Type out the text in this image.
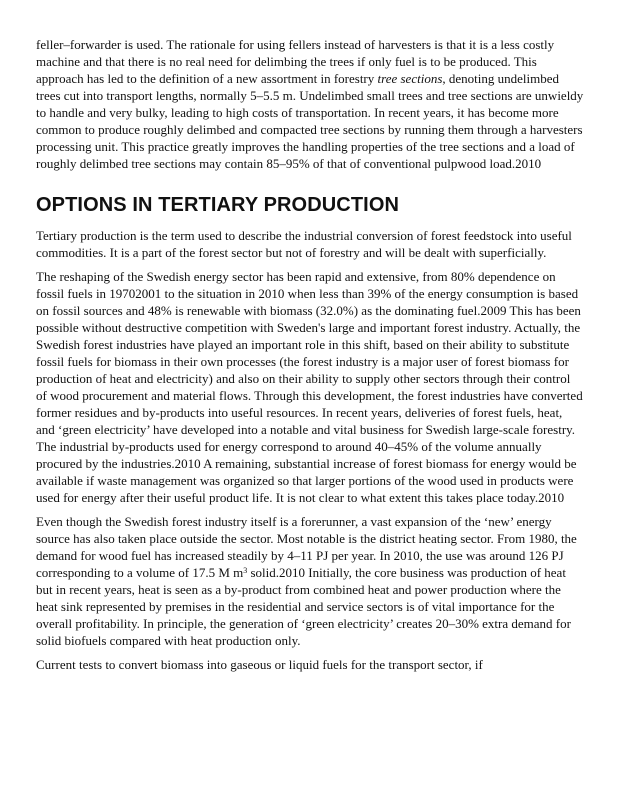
feller–forwarder is used. The rationale for using fellers instead of harvesters is that it is a less costly machine and that there is no real need for delimbing the trees if only fuel is to be produced. This approach has led to the definition of a new assortment in forestry tree sections, denoting undelimbed trees cut into transport lengths, normally 5–5.5 m. Undelimbed small trees and tree sections are unwieldy to handle and very bulky, leading to high costs of transportation. In recent years, it has become more common to produce roughly delimbed and compacted tree sections by running them through a harvesters processing unit. This practice greatly improves the handling properties of the tree sections and a load of roughly delimbed tree sections may contain 85–95% of that of conventional pulpwood load.2010

OPTIONS IN TERTIARY PRODUCTION

Tertiary production is the term used to describe the industrial conversion of forest feedstock into useful commodities. It is a part of the forest sector but not of forestry and will be dealt with superficially.

The reshaping of the Swedish energy sector has been rapid and extensive, from 80% dependence on fossil fuels in 19702001 to the situation in 2010 when less than 39% of the energy consumption is based on fossil sources and 48% is renewable with biomass (32.0%) as the dominating fuel.2009 This has been possible without destructive competition with Sweden's large and important forest industry. Actually, the Swedish forest industries have played an important role in this shift, based on their ability to substitute fossil fuels for biomass in their own processes (the forest industry is a major user of forest biomass for production of heat and electricity) and also on their ability to supply other sectors through their control of wood procurement and material flows. Through this development, the forest industries have converted former residues and by-products into useful resources. In recent years, deliveries of forest fuels, heat, and ‘green electricity’ have developed into a notable and vital business for Swedish large-scale forestry. The industrial by-products used for energy correspond to around 40–45% of the volume annually procured by the industries.2010 A remaining, substantial increase of forest biomass for energy would be available if waste management was organized so that larger portions of the wood used in products were used for energy after their useful product life. It is not clear to what extent this takes place today.2010

Even though the Swedish forest industry itself is a forerunner, a vast expansion of the ‘new’ energy source has also taken place outside the sector. Most notable is the district heating sector. From 1980, the demand for wood fuel has increased steadily by 4–11 PJ per year. In 2010, the use was around 126 PJ corresponding to a volume of 17.5 M $m^3$ solid.2010 Initially, the core business was production of heat but in recent years, heat is seen as a by-product from combined heat and power production where the heat sink represented by premises in the residential and service sectors is of vital importance for the overall profitability. In principle, the generation of ‘green electricity’ creates 20–30% extra demand for solid biofuels compared with heat production only.

Current tests to convert biomass into gaseous or liquid fuels for the transport sector, if
